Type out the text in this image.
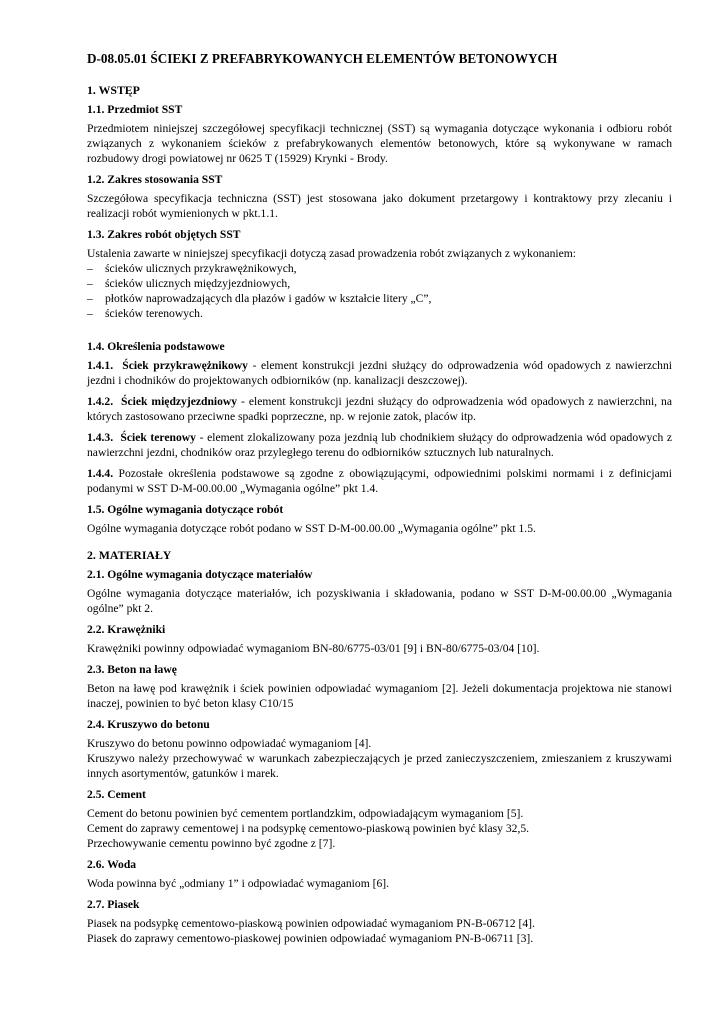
D-08.05.01 ŚCIEKI Z PREFABRYKOWANYCH ELEMENTÓW BETONOWYCH
1. WSTĘP
1.1. Przedmiot SST

Przedmiotem niniejszej szczegółowej specyfikacji technicznej (SST) są wymagania dotyczące wykonania i odbioru robót związanych z wykonaniem ścieków z prefabrykowanych elementów betonowych, które są wykonywane w ramach rozbudowy drogi powiatowej nr 0625 T (15929) Krynki - Brody.

1.2. Zakres stosowania SST

Szczegółowa specyfikacja techniczna (SST) jest stosowana jako dokument przetargowy i kontraktowy przy zlecaniu i realizacji robót wymienionych w pkt.1.1.

1.3. Zakres robót objętych SST

Ustalenia zawarte w niniejszej specyfikacji dotyczą zasad prowadzenia robót związanych z wykonaniem:

– ścieków ulicznych przykrawężnikowych,
– ścieków ulicznych międzyjezdniowych,
– płotków naprowadzających dla płazów i gadów w kształcie litery „C”,
– ścieków terenowych.
1.4. Określenia podstawowe

1.4.1. Ściek przykrawężnikowy - element konstrukcji jezdni służący do odprowadzenia wód opadowych z nawierzchni jezdni i chodników do projektowanych odbiorników (np. kanalizacji deszczowej).

1.4.2. Ściek międzyjezdniowy - element konstrukcji jezdni służący do odprowadzenia wód opadowych z nawierzchni, na których zastosowano przeciwne spadki poprzeczne, np. w rejonie zatok, placów itp.

1.4.3. Ściek terenowy - element zlokalizowany poza jezdnią lub chodnikiem służący do odprowadzenia wód opadowych z nawierzchni jezdni, chodników oraz przyległego terenu do odbiorników sztucznych lub naturalnych.

1.4.4. Pozostałe określenia podstawowe są zgodne z obowiązującymi, odpowiednimi polskimi normami i z definicjami podanymi w SST D-M-00.00.00 „Wymagania ogólne” pkt 1.4.

1.5. Ogólne wymagania dotyczące robót

Ogólne wymagania dotyczące robót podano w SST D-M-00.00.00 „Wymagania ogólne” pkt 1.5.

2. MATERIAŁY
2.1. Ogólne wymagania dotyczące materiałów

Ogólne wymagania dotyczące materiałów, ich pozyskiwania i składowania, podano w SST D-M-00.00.00 „Wymagania ogólne” pkt 2.

2.2. Krawężniki

Krawężniki powinny odpowiadać wymaganiom BN-80/6775-03/01 [9] i BN-80/6775-03/04 [10].

2.3. Beton na ławę

Beton na ławę pod krawężnik i ściek powinien odpowiadać wymaganiom [2]. Jeżeli dokumentacja projektowa nie stanowi inaczej, powinien to być beton klasy C10/15

2.4. Kruszywo do betonu

Kruszywo do betonu powinno odpowiadać wymaganiom [4].
Kruszywo należy przechowywać w warunkach zabezpieczających je przed zanieczyszczeniem, zmieszaniem z kruszywami innych asortymentów, gatunków i marek.

2.5. Cement

Cement do betonu powinien być cementem portlandzkim, odpowiadającym wymaganiom [5].
Cement do zaprawy cementowej i na podsypkę cementowo-piaskową powinien być klasy 32,5.
Przechowywanie cementu powinno być zgodne z [7].

2.6. Woda

Woda powinna być „odmiany 1” i odpowiadać wymaganiom [6].

2.7. Piasek

Piasek na podsypkę cementowo-piaskową powinien odpowiadać wymaganiom PN-B-06712 [4].
Piasek do zaprawy cementowo-piaskowej powinien odpowiadać wymaganiom PN-B-06711 [3].
